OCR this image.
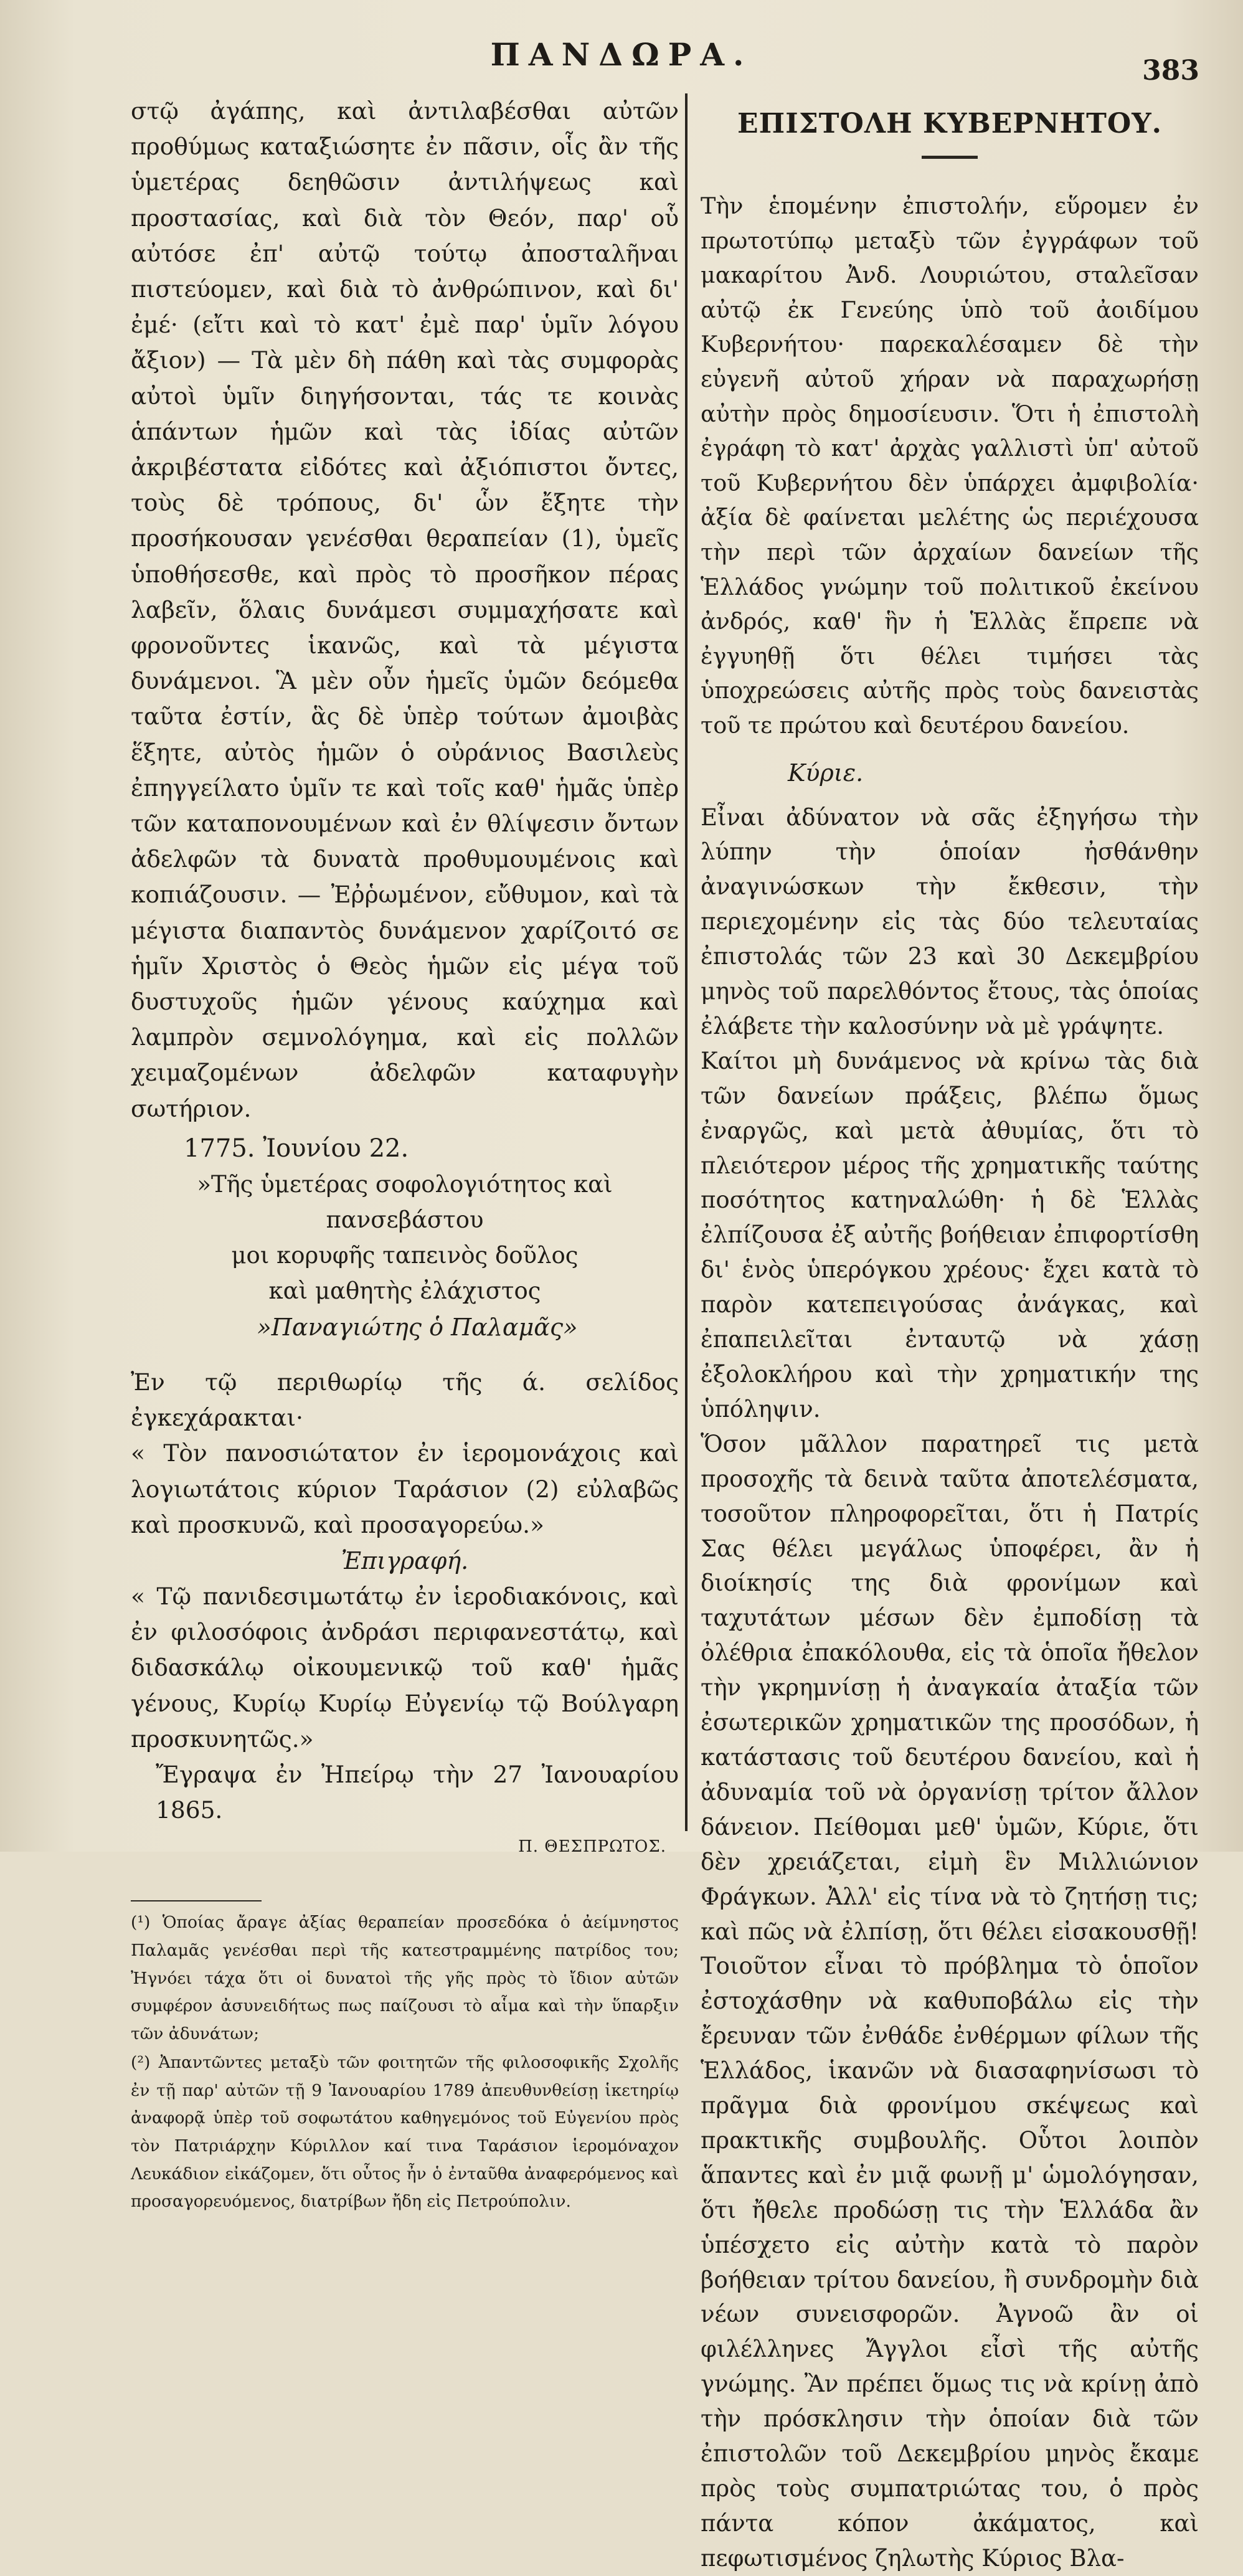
ΠΑΝΔΩΡΑ.	383

στῷ ἀγάπης, καὶ ἀντιλαβέσθαι αὐτῶν προθύμως καταξιώσητε ἐν πᾶσιν, οἷς ἂν τῆς ὑμετέρας δεηθῶσιν ἀντιλήψεως καὶ προστασίας, καὶ διὰ τὸν Θεόν, παρ' οὗ αὐτόσε ἐπ' αὐτῷ τούτῳ ἀποσταλῆναι πιστεύομεν, καὶ διὰ τὸ ἀνθρώπινον, καὶ δι' ἐμέ· (εἴτι καὶ τὸ κατ' ἐμὲ παρ' ὑμῖν λόγου ἄξιον) — Τὰ μὲν δὴ πάθη καὶ τὰς συμφορὰς αὐτοὶ ὑμῖν διηγήσονται, τάς τε κοινὰς ἁπάντων ἡμῶν καὶ τὰς ἰδίας αὐτῶν ἀκριβέστατα εἰδότες καὶ ἀξιόπιστοι ὄντες, τοὺς δὲ τρόπους, δι' ὧν ἔξητε τὴν προσήκουσαν γενέσθαι θεραπείαν (1), ὑμεῖς ὑποθήσεσθε, καὶ πρὸς τὸ προσῆκον πέρας λαβεῖν, ὅλαις δυνάμεσι συμμαχήσατε καὶ φρονοῦντες ἱκανῶς, καὶ τὰ μέγιστα δυνάμενοι. Ἃ μὲν οὖν ἡμεῖς ὑμῶν δεόμεθα ταῦτα ἐστίν, ἃς δὲ ὑπὲρ τούτων ἀμοιβὰς ἕξητε, αὐτὸς ἡμῶν ὁ οὐράνιος Βασιλεὺς ἐπηγγείλατο ὑμῖν τε καὶ τοῖς καθ' ἡμᾶς ὑπὲρ τῶν καταπονουμένων καὶ ἐν θλίψεσιν ὄντων ἀδελφῶν τὰ δυνατὰ προθυμουμένοις καὶ κοπιάζουσιν. — Ἐῤῥωμένον, εὔθυμον, καὶ τὰ μέγιστα διαπαντὸς δυνάμενον χαρίζοιτό σε ἡμῖν Χριστὸς ὁ Θεὸς ἡμῶν εἰς μέγα τοῦ δυστυχοῦς ἡμῶν γένους καύχημα καὶ λαμπρὸν σεμνολόγημα, καὶ εἰς πολλῶν χειμαζομένων ἀδελφῶν καταφυγὴν σωτήριον.

1775. Ἰουνίου 22.

»Τῆς ὑμετέρας σοφολογιότητος καὶ πανσεβάστου
μοι κορυφῆς ταπεινὸς δοῦλος
καὶ μαθητὴς ἐλάχιστος

»Παναγιώτης ὁ Παλαμᾶς»

Ἐν τῷ περιθωρίῳ τῆς ά. σελίδος ἐγκεχάρακται·

« Τὸν πανοσιώτατον ἐν ἱερομονάχοις καὶ λογιωτάτοις κύριον Ταράσιον (2) εὐλαβῶς καὶ προσκυνῶ, καὶ προσαγορεύω.»

Ἐπιγραφή.

« Τῷ πανιδεσιμωτάτῳ ἐν ἱεροδιακόνοις, καὶ ἐν φιλοσόφοις ἀνδράσι περιφανεστάτῳ, καὶ διδασκάλῳ οἰκουμενικῷ τοῦ καθ' ἡμᾶς γένους, Κυρίῳ Κυρίῳ Εὐγενίῳ τῷ Βούλγαρη προσκυνητῶς.»

Ἔγραψα ἐν Ἠπείρῳ τὴν 27 Ἰανουαρίου 1865.

Π. ΘΕΣΠΡΩΤΟΣ.

(¹) Ὁποίας ἄραγε ἀξίας θεραπείαν προσεδόκα ὁ ἀείμνηστος Παλαμᾶς γενέσθαι περὶ τῆς κατεστραμμένης πατρίδος του; Ἠγνόει τάχα ὅτι οἱ δυνατοὶ τῆς γῆς πρὸς τὸ ἴδιον αὐτῶν συμφέρον ἀσυνειδήτως πως παίζουσι τὸ αἷμα καὶ τὴν ὕπαρξιν τῶν ἀδυνάτων;

(²) Ἀπαντῶντες μεταξὺ τῶν φοιτητῶν τῆς φιλοσοφικῆς Σχολῆς ἐν τῇ παρ' αὐτῶν τῇ 9 Ἰανουαρίου 1789 ἀπευθυνθείσῃ ἱκετηρίῳ ἀναφορᾷ ὑπὲρ τοῦ σοφωτάτου καθηγεμόνος τοῦ Εὐγενίου πρὸς τὸν Πατριάρχην Κύριλλον καί τινα Ταράσιον ἱερομόναχον Λευκάδιον εἰκάζομεν, ὅτι οὗτος ἦν ὁ ἐνταῦθα ἀναφερόμενος καὶ προσαγορευόμενος, διατρίβων ἤδη εἰς Πετρούπολιν.

ΕΠΙΣΤΟΛΗ ΚΥΒΕΡΝΗΤΟΥ.

Τὴν ἑπομένην ἐπιστολήν, εὕρομεν ἐν πρωτοτύπῳ μεταξὺ τῶν ἐγγράφων τοῦ μακαρίτου Ἀνδ. Λουριώτου, σταλεῖσαν αὐτῷ ἐκ Γενεύης ὑπὸ τοῦ ἀοιδίμου Κυβερνήτου· παρεκαλέσαμεν δὲ τὴν εὐγενῆ αὐτοῦ χήραν νὰ παραχωρήσῃ αὐτὴν πρὸς δημοσίευσιν. Ὅτι ἡ ἐπιστολὴ ἐγράφη τὸ κατ' ἀρχὰς γαλλιστὶ ὑπ' αὐτοῦ τοῦ Κυβερνήτου δὲν ὑπάρχει ἀμφιβολία· ἀξία δὲ φαίνεται μελέτης ὡς περιέχουσα τὴν περὶ τῶν ἀρχαίων δανείων τῆς Ἑλλάδος γνώμην τοῦ πολιτικοῦ ἐκείνου ἀνδρός, καθ' ἣν ἡ Ἑλλὰς ἔπρεπε νὰ ἐγγυηθῇ ὅτι θέλει τιμήσει τὰς ὑποχρεώσεις αὐτῆς πρὸς τοὺς δανειστὰς τοῦ τε πρώτου καὶ δευτέρου δανείου.

Κύριε.

Εἶναι ἀδύνατον νὰ σᾶς ἐξηγήσω τὴν λύπην τὴν ὁποίαν ἠσθάνθην ἀναγινώσκων τὴν ἔκθεσιν, τὴν περιεχομένην εἰς τὰς δύο τελευταίας ἐπιστολάς τῶν 23 καὶ 30 Δεκεμβρίου μηνὸς τοῦ παρελθόντος ἔτους, τὰς ὁποίας ἐλάβετε τὴν καλοσύνην νὰ μὲ γράψητε.
Καίτοι μὴ δυνάμενος νὰ κρίνω τὰς διὰ τῶν δανείων πράξεις, βλέπω ὅμως ἐναργῶς, καὶ μετὰ ἀθυμίας, ὅτι τὸ πλειότερον μέρος τῆς χρηματικῆς ταύτης ποσότητος κατηναλώθη· ἡ δὲ Ἑλλὰς ἐλπίζουσα ἐξ αὐτῆς βοήθειαν ἐπιφορτίσθη δι' ἑνὸς ὑπερόγκου χρέους· ἔχει κατὰ τὸ παρὸν κατεπειγούσας ἀνάγκας, καὶ ἐπαπειλεῖται ἐνταυτῷ νὰ χάσῃ ἐξολοκλήρου καὶ τὴν χρηματικήν της ὑπόληψιν.
Ὅσον μᾶλλον παρατηρεῖ τις μετὰ προσοχῆς τὰ δεινὰ ταῦτα ἀποτελέσματα, τοσοῦτον πληροφορεῖται, ὅτι ἡ Πατρίς Σας θέλει μεγάλως ὑποφέρει, ἂν ἡ διοίκησίς της διὰ φρονίμων καὶ ταχυτάτων μέσων δὲν ἐμποδίσῃ τὰ ὀλέθρια ἐπακόλουθα, εἰς τὰ ὁποῖα ἤθελον τὴν γκρημνίσῃ ἡ ἀναγκαία ἀταξία τῶν ἐσωτερικῶν χρηματικῶν της προσόδων, ἡ κατάστασις τοῦ δευτέρου δανείου, καὶ ἡ ἀδυναμία τοῦ νὰ ὀργανίσῃ τρίτον ἄλλον δάνειον. Πείθομαι μεθ' ὑμῶν, Κύριε, ὅτι δὲν χρειάζεται, εἰμὴ ἓν Μιλλιώνιον Φράγκων. Ἀλλ' εἰς τίνα νὰ τὸ ζητήσῃ τις; καὶ πῶς νὰ ἐλπίσῃ, ὅτι θέλει εἰσακουσθῇ! Τοιοῦτον εἶναι τὸ πρόβλημα τὸ ὁποῖον ἐστοχάσθην νὰ καθυποβάλω εἰς τὴν ἔρευναν τῶν ἐνθάδε ἐνθέρμων φίλων τῆς Ἑλλάδος, ἱκανῶν νὰ διασαφηνίσωσι τὸ πρᾶγμα διὰ φρονίμου σκέψεως καὶ πρακτικῆς συμβουλῆς. Οὗτοι λοιπὸν ἅπαντες καὶ ἐν μιᾷ φωνῇ μ' ὡμολόγησαν, ὅτι ἤθελε προδώσῃ τις τὴν Ἑλλάδα ἂν ὑπέσχετο εἰς αὐτὴν κατὰ τὸ παρὸν βοήθειαν τρίτου δανείου, ἢ συνδρομὴν διὰ νέων συνεισφορῶν. Ἀγνοῶ ἂν οἱ φιλέλληνες Ἄγγλοι εἶσὶ τῆς αὐτῆς γνώμης. Ἂν πρέπει ὅμως τις νὰ κρίνῃ ἀπὸ τὴν πρόσκλησιν τὴν ὁποίαν διὰ τῶν ἐπιστολῶν τοῦ Δεκεμβρίου μηνὸς ἔκαμε πρὸς τοὺς συμπατριώτας του, ὁ πρὸς πάντα κόπον ἀκάματος, καὶ πεφωτισμένος ζηλωτὴς Κύριος Βλα-
